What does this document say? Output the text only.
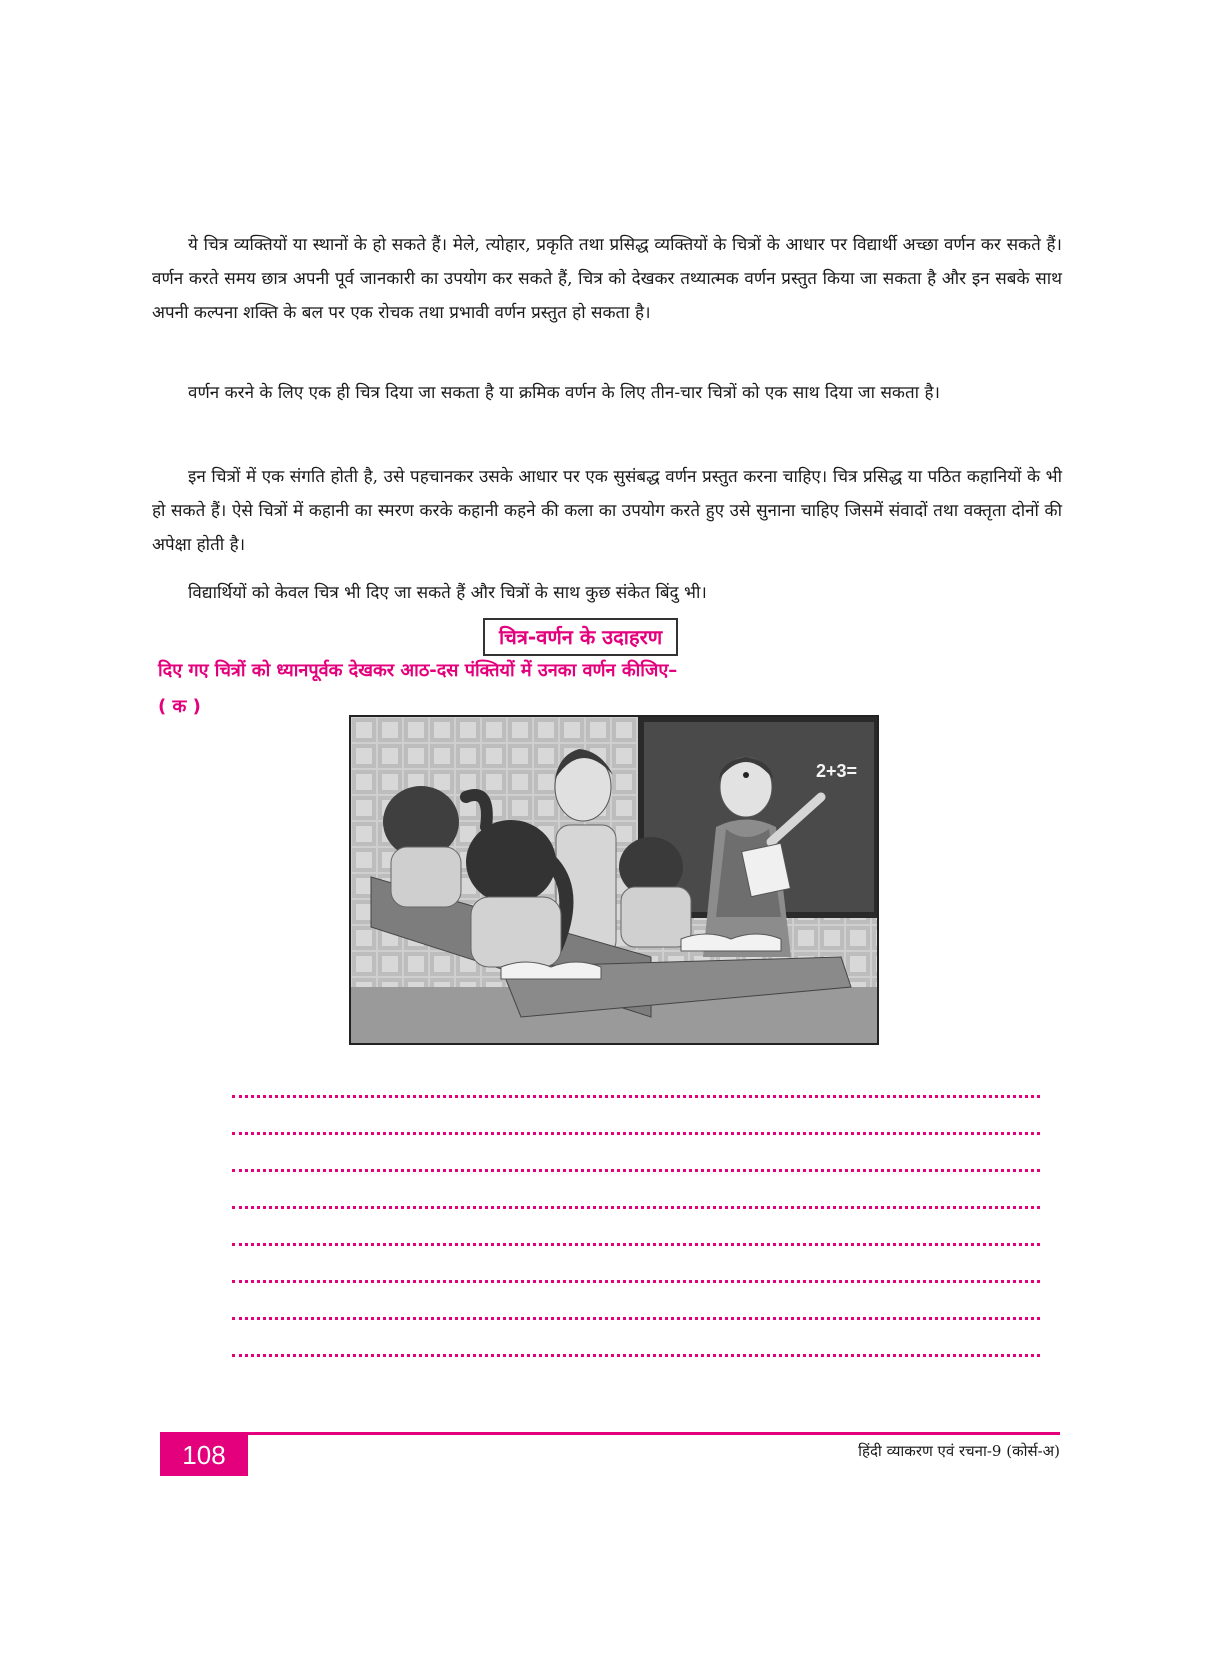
ये चित्र व्यक्तियों या स्थानों के हो सकते हैं। मेले, त्योहार, प्रकृति तथा प्रसिद्ध व्यक्तियों के चित्रों के आधार पर विद्यार्थी अच्छा वर्णन कर सकते हैं। वर्णन करते समय छात्र अपनी पूर्व जानकारी का उपयोग कर सकते हैं, चित्र को देखकर तथ्यात्मक वर्णन प्रस्तुत किया जा सकता है और इन सबके साथ अपनी कल्पना शक्ति के बल पर एक रोचक तथा प्रभावी वर्णन प्रस्तुत हो सकता है।

वर्णन करने के लिए एक ही चित्र दिया जा सकता है या क्रमिक वर्णन के लिए तीन-चार चित्रों को एक साथ दिया जा सकता है।

इन चित्रों में एक संगति होती है, उसे पहचानकर उसके आधार पर एक सुसंबद्ध वर्णन प्रस्तुत करना चाहिए। चित्र प्रसिद्ध या पठित कहानियों के भी हो सकते हैं। ऐसे चित्रों में कहानी का स्मरण करके कहानी कहने की कला का उपयोग करते हुए उसे सुनाना चाहिए जिसमें संवादों तथा वक्तृता दोनों की अपेक्षा होती है।

विद्यार्थियों को केवल चित्र भी दिए जा सकते हैं और चित्रों के साथ कुछ संकेत बिंदु भी।

चित्र-वर्णन के उदाहरण
दिए गए चित्रों को ध्यानपूर्वक देखकर आठ-दस पंक्तियों में उनका वर्णन कीजिए–
( क )
2+3=
108	हिंदी व्याकरण एवं रचना-9 (कोर्स-अ)
